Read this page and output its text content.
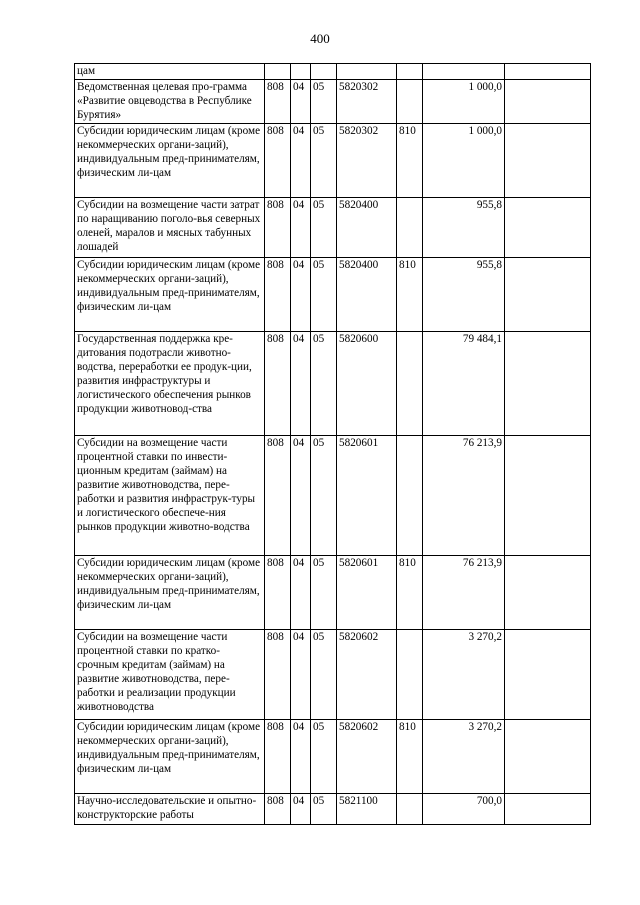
400
цам							
Ведомственная целевая про-грамма «Развитие овцеводства в Республике Бурятия»	808	04	05	5820302		1 000,0	
Субсидии юридическим лицам (кроме некоммерческих органи-заций), индивидуальным пред-принимателям, физическим ли-цам	808	04	05	5820302	810	1 000,0	
Субсидии на возмещение части затрат по наращиванию поголо-вья северных оленей, маралов и мясных табунных лошадей	808	04	05	5820400		955,8	
Субсидии юридическим лицам (кроме некоммерческих органи-заций), индивидуальным пред-принимателям, физическим ли-цам	808	04	05	5820400	810	955,8	
Государственная поддержка кре-дитования подотрасли животно-водства, переработки ее продук-ции, развития инфраструктуры и логистического обеспечения рынков продукции животновод-ства	808	04	05	5820600		79 484,1	
Субсидии на возмещение части процентной ставки по инвести-ционным кредитам (займам) на развитие животноводства, пере-работки и развития инфраструк-туры и логистического обеспече-ния рынков продукции животно-водства	808	04	05	5820601		76 213,9	
Субсидии юридическим лицам (кроме некоммерческих органи-заций), индивидуальным пред-принимателям, физическим ли-цам	808	04	05	5820601	810	76 213,9	
Субсидии на возмещение части процентной ставки по кратко-срочным кредитам (займам) на развитие животноводства, пере-работки и реализации продукции животноводства	808	04	05	5820602		3 270,2	
Субсидии юридическим лицам (кроме некоммерческих органи-заций), индивидуальным пред-принимателям, физическим ли-цам	808	04	05	5820602	810	3 270,2	
Научно-исследовательские и опытно-конструкторские работы	808	04	05	5821100		700,0	
